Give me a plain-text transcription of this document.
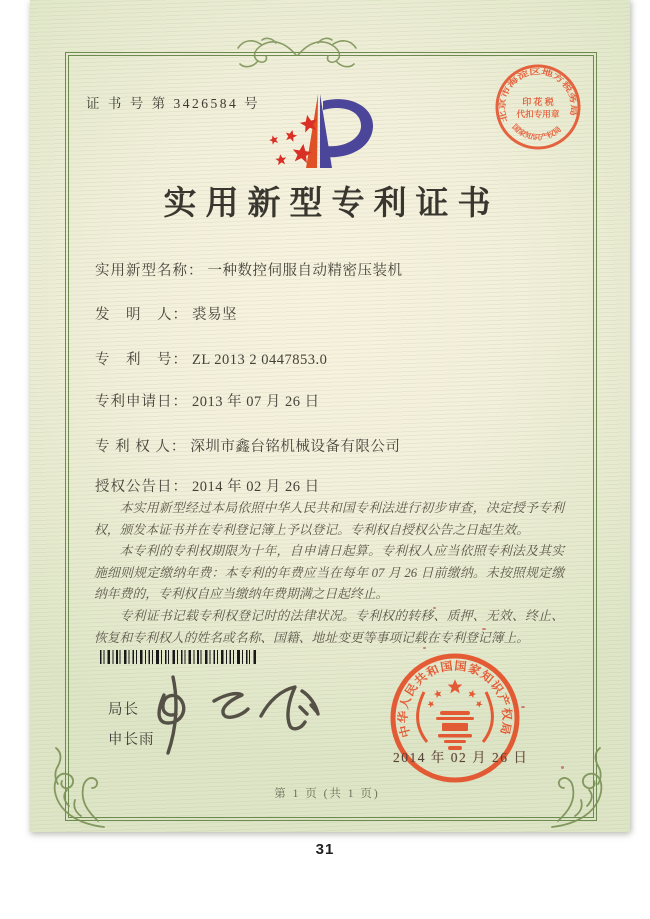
证 书 号 第 3426584 号
实用新型专利证书
实用新型名称： 一种数控伺服自动精密压装机
发　明　人： 裘易坚
专　利　号： ZL 2013 2 0447853.0
专利申请日： 2013 年 07 月 26 日
专 利 权 人： 深圳市鑫台铭机械设备有限公司
授权公告日： 2014 年 02 月 26 日

本实用新型经过本局依照中华人民共和国专利法进行初步审查，决定授予专利权，颁发本证书并在专利登记簿上予以登记。专利权自授权公告之日起生效。

本专利的专利权期限为十年，自申请日起算。专利权人应当依照专利法及其实施细则规定缴纳年费：本专利的年费应当在每年 07 月 26 日前缴纳。未按照规定缴纳年费的，专利权自应当缴纳年费期满之日起终止。

专利证书记载专利权登记时的法律状况。专利权的转移、质押、无效、终止、恢复和专利权人的姓名或名称、国籍、地址变更等事项记载在专利登记簿上。

局长
申长雨
中华人民共和国国家知识产权局
2014 年 02 月 26 日
北京市海淀区地方税务局
印 花 税
代扣专用章
国家知识产权局
第 1 页 (共 1 页)
31
